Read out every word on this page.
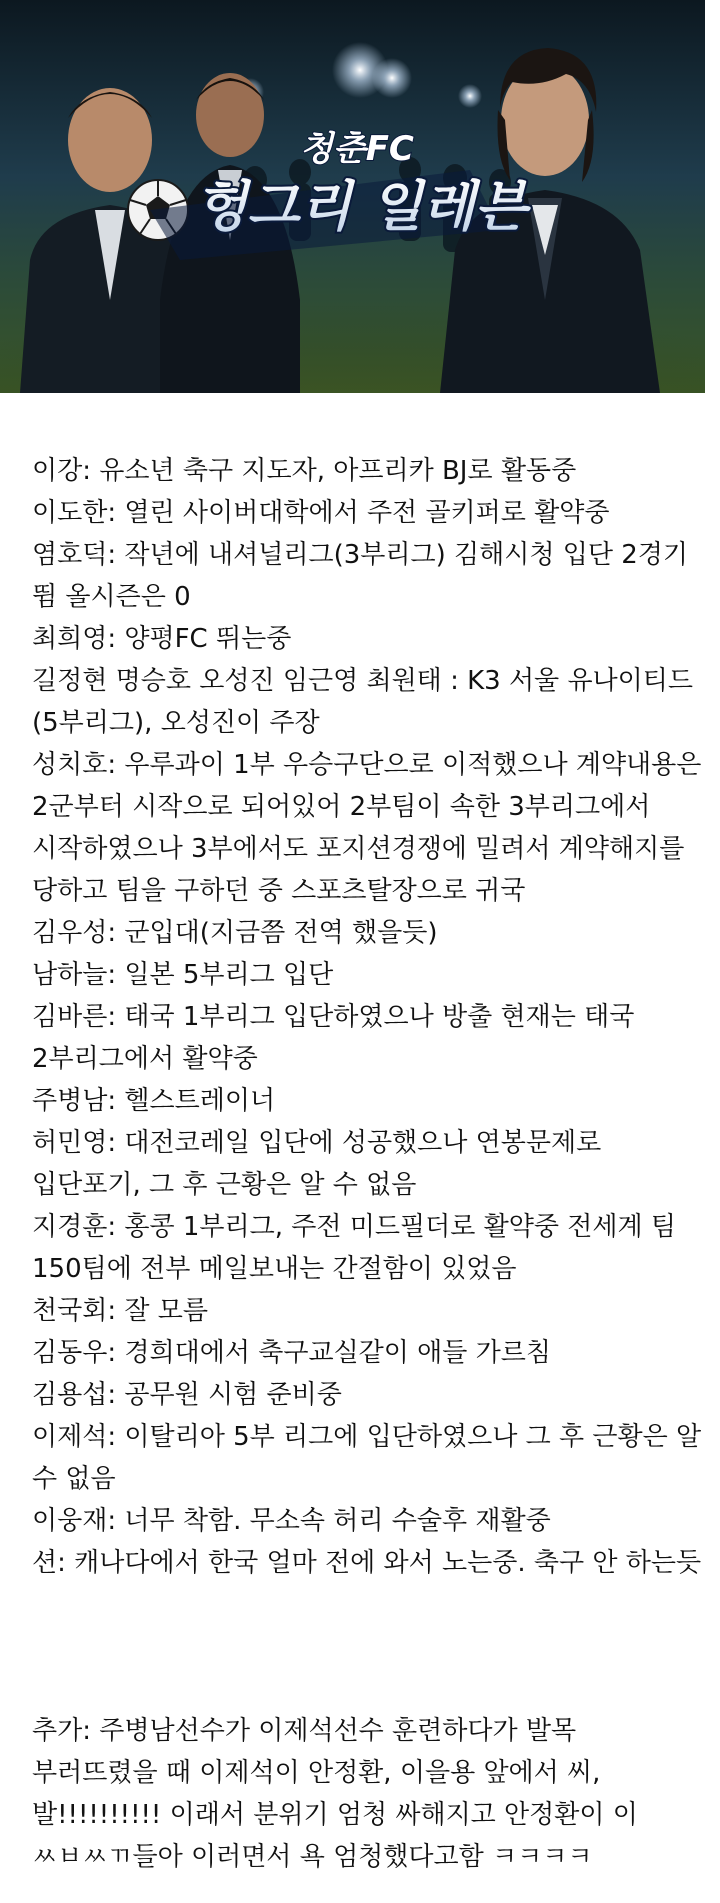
청춘FC
헝그리 일레븐

이강: 유소년 축구 지도자, 아프리카 BJ로 활동중

이도한: 열린 사이버대학에서 주전 골키퍼로 활약중

염호덕: 작년에 내셔널리그(3부리그) 김해시청 입단 2경기 뜀 올시즌은 0

최희영: 양평FC 뛰는중

길정현 명승호 오성진 임근영 최원태 : K3 서울 유나이티드(5부리그), 오성진이 주장

성치호: 우루과이 1부 우승구단으로 이적했으나 계약내용은 2군부터 시작으로 되어있어 2부팀이 속한 3부리그에서 시작하였으나 3부에서도 포지션경쟁에 밀려서 계약해지를 당하고 팀을 구하던 중 스포츠탈장으로 귀국

김우성: 군입대(지금쯤 전역 했을듯)

남하늘: 일본 5부리그 입단

김바른: 태국 1부리그 입단하였으나 방출 현재는 태국 2부리그에서 활약중

주병남: 헬스트레이너

허민영: 대전코레일 입단에 성공했으나 연봉문제로 입단포기, 그 후 근황은 알 수 없음

지경훈: 홍콩 1부리그, 주전 미드필더로 활약중 전세계 팀 150팀에 전부 메일보내는 간절함이 있었음

천국회: 잘 모름

김동우: 경희대에서 축구교실같이 애들 가르침

김용섭: 공무원 시험 준비중

이제석: 이탈리아 5부 리그에 입단하였으나 그 후 근황은 알 수 없음

이웅재: 너무 착함. 무소속 허리 수술후 재활중

션: 캐나다에서 한국 얼마 전에 와서 노는중. 축구 안 하는듯

추가: 주병남선수가 이제석선수 훈련하다가 발목 부러뜨렸을 때 이제석이 안정환, 이을용 앞에서 씨,발!!!!!!!!!! 이래서 분위기 엄청 싸해지고 안정환이 이 ㅆㅂㅆㄲ들아 이러면서 욕 엄청했다고함 ㅋㅋㅋㅋ
